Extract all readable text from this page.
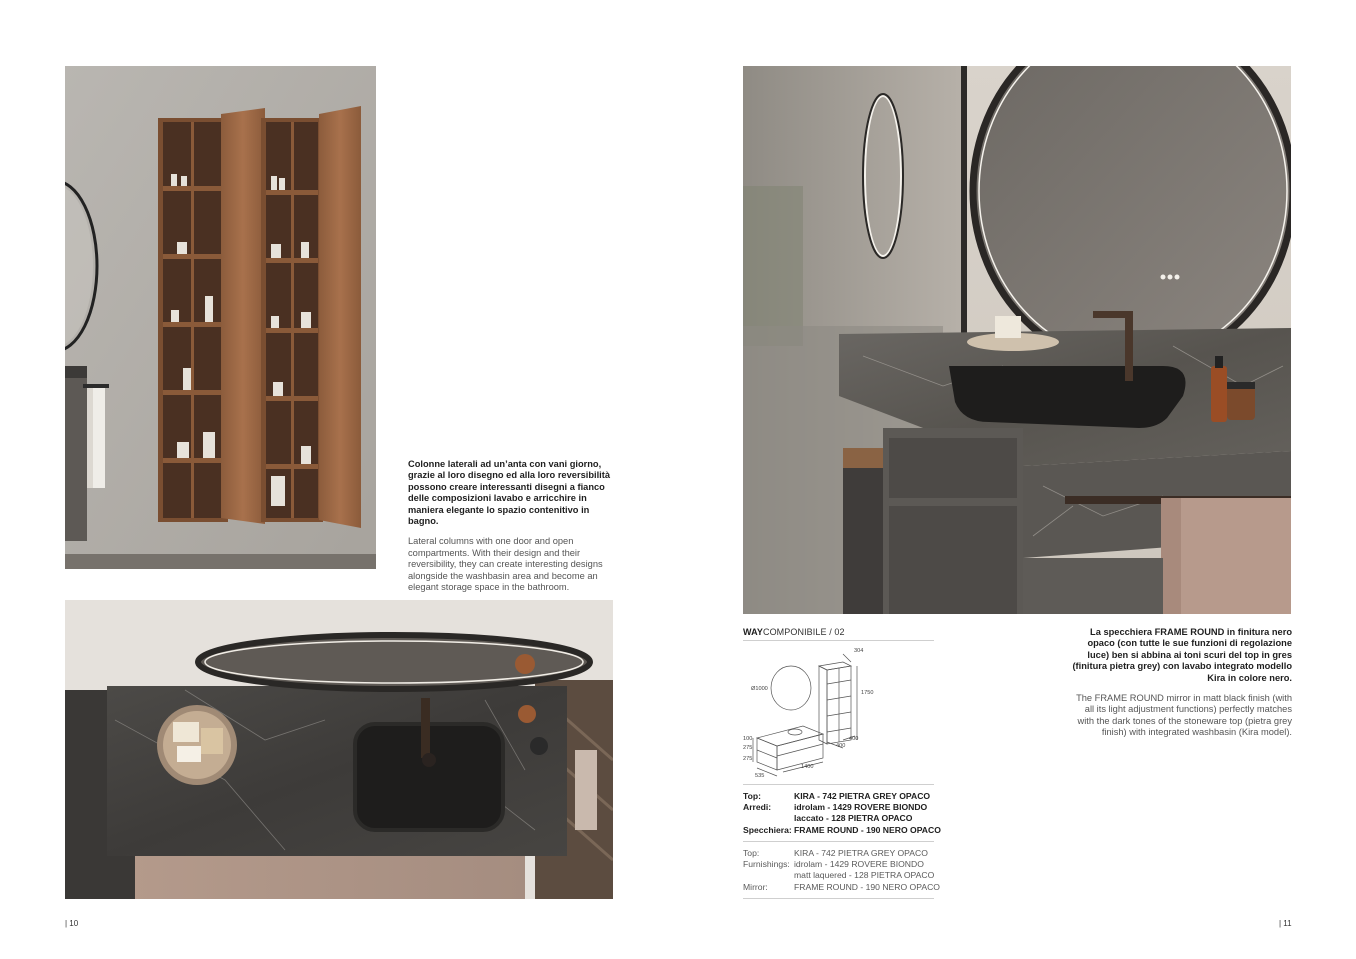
Colonne laterali ad un’anta con vani giorno, grazie al loro disegno ed alla loro reversibilità possono creare interessanti disegni a fianco delle composizioni lavabo e arricchire in maniera elegante lo spazio contenitivo in bagno.
Lateral columns with one door and open compartments. With their design and their reversibility, they can create interesting designs alongside the washbasin area and become an elegant storage space in the bathroom.
| 10
WAYCOMPONIBILE / 02
Ø1000
304
1750
100
275
275
535
1400
400
400
Top:	KIRA - 742 PIETRA GREY OPACO
Arredi:	idrolam - 1429 ROVERE BIONDO
	laccato - 128 PIETRA OPACO
Specchiera:	FRAME ROUND - 190 NERO OPACO
Top:	KIRA - 742 PIETRA GREY OPACO
Furnishings:	idrolam - 1429 ROVERE BIONDO
	matt laquered - 128 PIETRA OPACO
Mirror:	FRAME ROUND - 190 NERO OPACO
La specchiera FRAME ROUND in finitura nero opaco (con tutte le sue funzioni di regolazione luce) ben si abbina ai toni scuri del top in gres (finitura pietra grey) con lavabo integrato modello Kira in colore nero.
The FRAME ROUND mirror in matt black finish (with all its light adjustment functions) perfectly matches with the dark tones of the stoneware top (pietra grey finish) with integrated washbasin (Kira model).
| 11
